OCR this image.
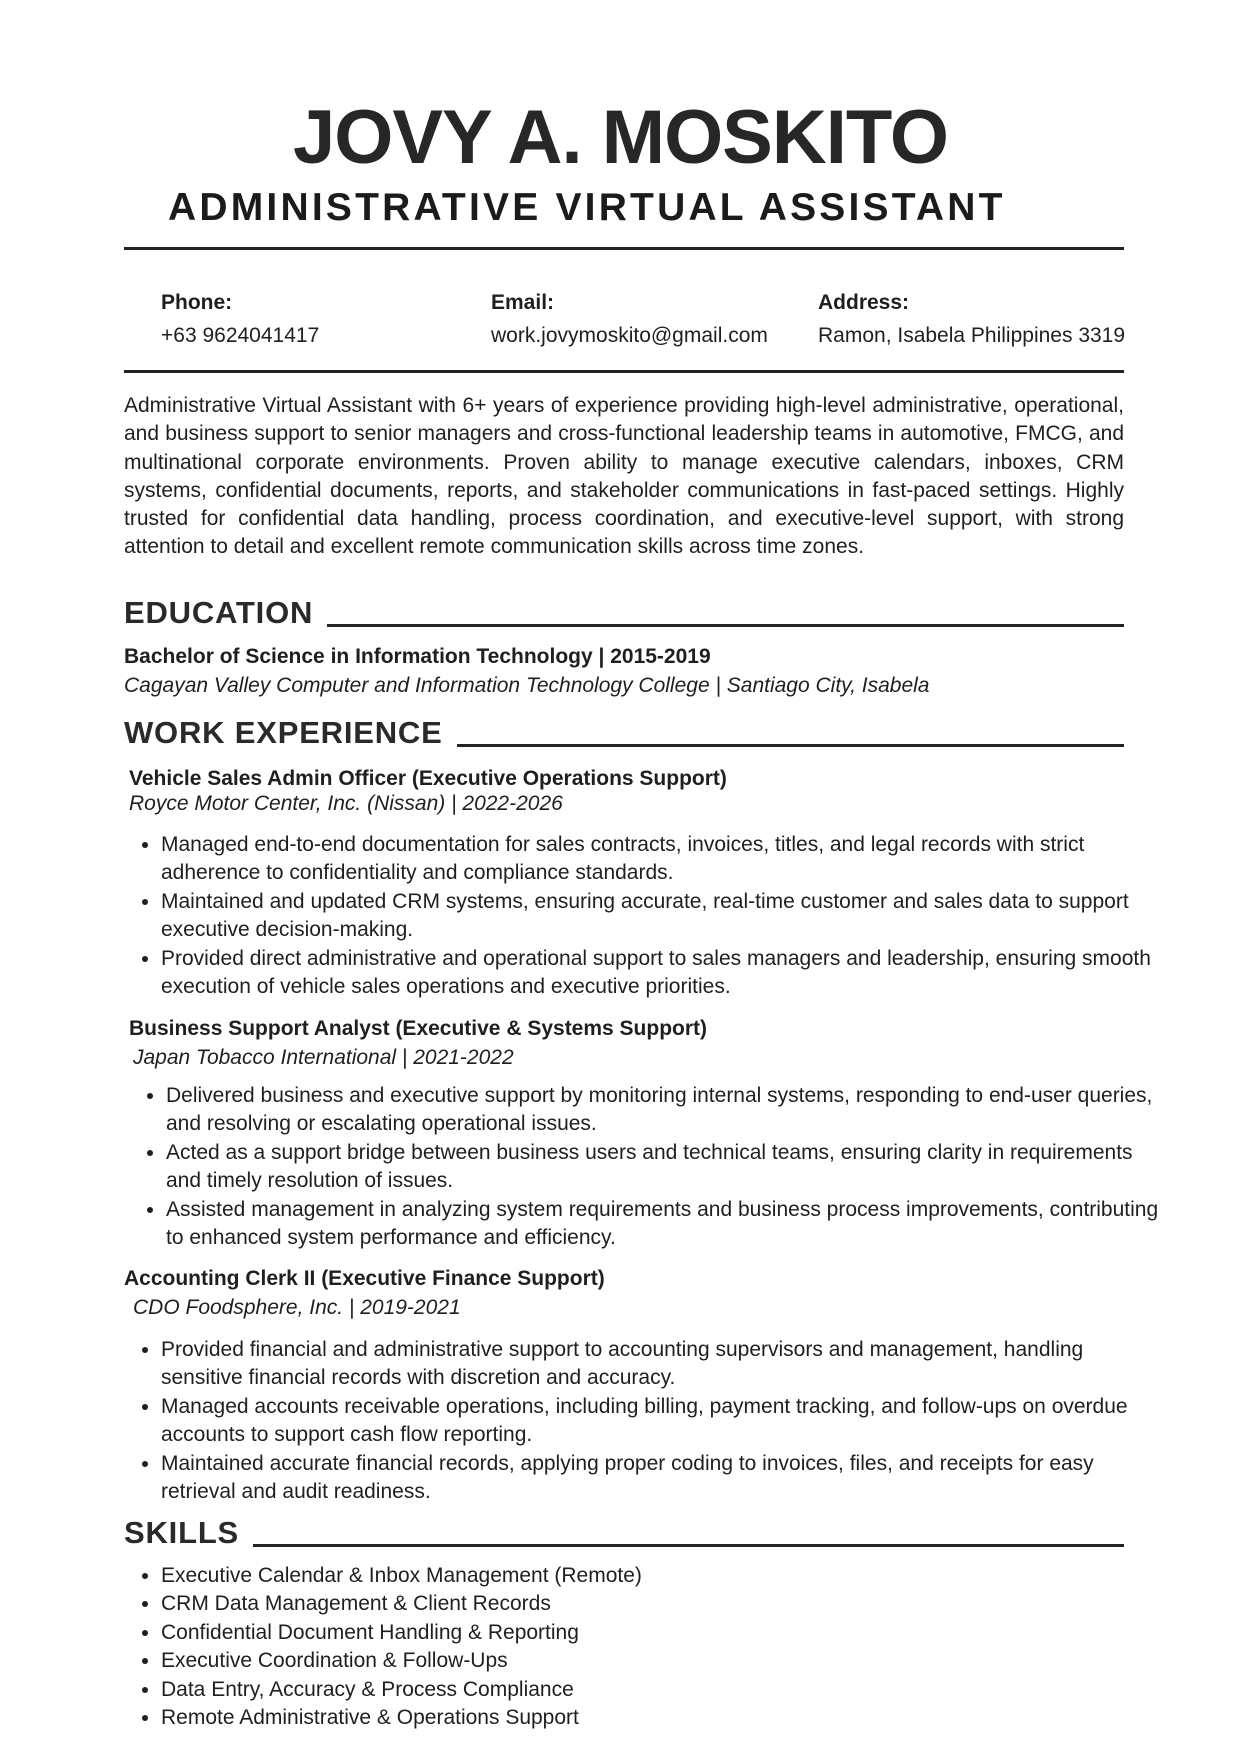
JOVY A. MOSKITO
ADMINISTRATIVE VIRTUAL ASSISTANT
Phone:
+63 9624041417
Email:
work.jovymoskito@gmail.com
Address:
Ramon, Isabela Philippines 3319
Administrative Virtual Assistant with 6+ years of experience providing high-level administrative, operational, and business support to senior managers and cross-functional leadership teams in automotive, FMCG, and multinational corporate environments. Proven ability to manage executive calendars, inboxes, CRM systems, confidential documents, reports, and stakeholder communications in fast-paced settings. Highly trusted for confidential data handling, process coordination, and executive-level support, with strong attention to detail and excellent remote communication skills across time zones.
EDUCATION
Bachelor of Science in Information Technology | 2015-2019
Cagayan Valley Computer and Information Technology College | Santiago City, Isabela
WORK EXPERIENCE
Vehicle Sales Admin Officer (Executive Operations Support)
Royce Motor Center, Inc. (Nissan) | 2022-2026
• Managed end-to-end documentation for sales contracts, invoices, titles, and legal records with strict adherence to confidentiality and compliance standards.
• Maintained and updated CRM systems, ensuring accurate, real-time customer and sales data to support executive decision-making.
• Provided direct administrative and operational support to sales managers and leadership, ensuring smooth execution of vehicle sales operations and executive priorities.
Business Support Analyst (Executive & Systems Support)
Japan Tobacco International | 2021-2022
• Delivered business and executive support by monitoring internal systems, responding to end-user queries, and resolving or escalating operational issues.
• Acted as a support bridge between business users and technical teams, ensuring clarity in requirements and timely resolution of issues.
• Assisted management in analyzing system requirements and business process improvements, contributing to enhanced system performance and efficiency.
Accounting Clerk II (Executive Finance Support)
CDO Foodsphere, Inc. | 2019-2021
• Provided financial and administrative support to accounting supervisors and management, handling sensitive financial records with discretion and accuracy.
• Managed accounts receivable operations, including billing, payment tracking, and follow-ups on overdue accounts to support cash flow reporting.
• Maintained accurate financial records, applying proper coding to invoices, files, and receipts for easy retrieval and audit readiness.
SKILLS
• Executive Calendar & Inbox Management (Remote)
• CRM Data Management & Client Records
• Confidential Document Handling & Reporting
• Executive Coordination & Follow-Ups
• Data Entry, Accuracy & Process Compliance
• Remote Administrative & Operations Support
